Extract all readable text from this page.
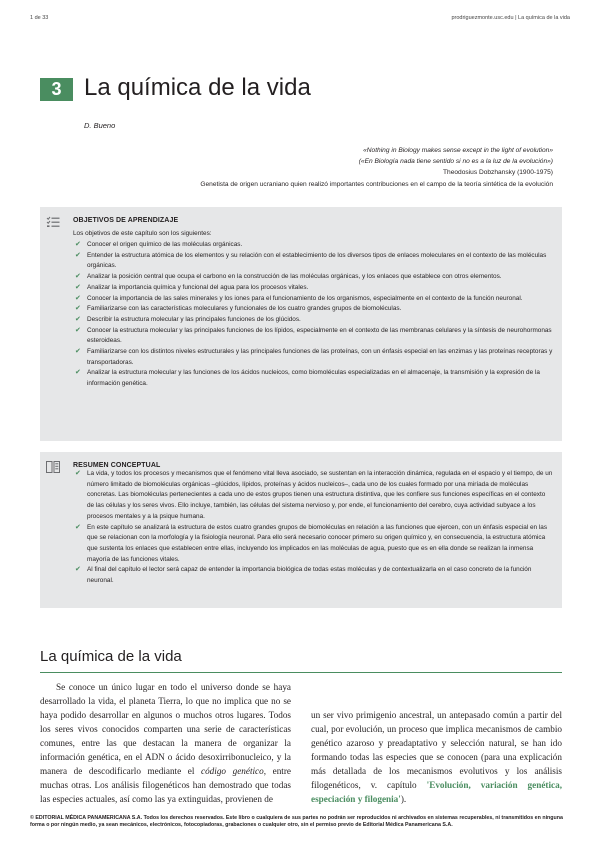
1 de 33	prodriguezmonte.usc.edu | La química de la vida
3 La química de la vida
D. Bueno
«Nothing in Biology makes sense except in the light of evolution»
(«En Biología nada tiene sentido si no es a la luz de la evolución»)
Theodosius Dobzhansky (1900-1975)
Genetista de origen ucraniano quien realizó importantes contribuciones en el campo de la teoría sintética de la evolución
OBJETIVOS DE APRENDIZAJE
Los objetivos de este capítulo son los siguientes:
✔ Conocer el origen químico de las moléculas orgánicas.
✔ Entender la estructura atómica de los elementos y su relación con el establecimiento de los diversos tipos de enlaces moleculares en el contexto de las moléculas orgánicas.
✔ Analizar la posición central que ocupa el carbono en la construcción de las moléculas orgánicas, y los enlaces que establece con otros elementos.
✔ Analizar la importancia química y funcional del agua para los procesos vitales.
✔ Conocer la importancia de las sales minerales y los iones para el funcionamiento de los organismos, especialmente en el contexto de la función neuronal.
✔ Familiarizarse con las características moleculares y funcionales de los cuatro grandes grupos de biomoléculas.
✔ Describir la estructura molecular y las principales funciones de los glúcidos.
✔ Conocer la estructura molecular y las principales funciones de los lípidos, especialmente en el contexto de las membranas celulares y la síntesis de neurohormonas esteroideas.
✔ Familiarizarse con los distintos niveles estructurales y las principales funciones de las proteínas, con un énfasis especial en las enzimas y las proteínas receptoras y transportadoras.
✔ Analizar la estructura molecular y las funciones de los ácidos nucleicos, como biomoléculas especializadas en el almacenaje, la transmisión y la expresión de la información genética.
RESUMEN CONCEPTUAL
✔ La vida, y todos los procesos y mecanismos que el fenómeno vital lleva asociado, se sustentan en la interacción dinámica, regulada en el espacio y el tiempo, de un número limitado de biomoléculas orgánicas –glúcidos, lípidos, proteínas y ácidos nucleicos–, cada uno de los cuales formado por una miríada de moléculas concretas. Las biomoléculas pertenecientes a cada uno de estos grupos tienen una estructura distintiva, que les confiere sus funciones específicas en el contexto de las células y los seres vivos. Ello incluye, también, las células del sistema nervioso y, por ende, el funcionamiento del cerebro, cuya actividad subyace a los procesos mentales y a la psique humana.
✔ En este capítulo se analizará la estructura de estos cuatro grandes grupos de biomoléculas en relación a las funciones que ejercen, con un énfasis especial en las que se relacionan con la morfología y la fisiología neuronal. Para ello será necesario conocer primero su origen químico y, en consecuencia, la estructura atómica que sustenta los enlaces que establecen entre ellas, incluyendo los implicados en las moléculas de agua, puesto que es en ella donde se realizan la inmensa mayoría de las funciones vitales.
✔ Al final del capítulo el lector será capaz de entender la importancia biológica de todas estas moléculas y de contextualizarla en el caso concreto de la función neuronal.
La química de la vida

Se conoce un único lugar en todo el universo donde se haya desarrollado la vida, el planeta Tierra, lo que no implica que no se haya podido desarrollar en algunos o muchos otros lugares. Todos los seres vivos conocidos comparten una serie de características comunes, entre las que destacan la manera de organizar la información genética, en el ADN o ácido desoxirribonucleico, y la manera de descodificarlo mediante el código genético, entre muchas otras. Los análisis filogenéticos han demostrado que todas las especies actuales, así como las ya extinguidas, provienen de

un ser vivo primigenio ancestral, un antepasado común a partir del cual, por evolución, un proceso que implica mecanismos de cambio genético azaroso y preadaptativo y selección natural, se han ido formando todas las especies que se conocen (para una explicación más detallada de los mecanismos evolutivos y los análisis filogenéticos, v. capítulo 'Evolución, variación genética, especiación y filogenia').

© EDITORIAL MÉDICA PANAMERICANA S.A. Todos los derechos reservados. Este libro o cualquiera de sus partes no podrán ser reproducidos ni archivados en sistemas recuperables, ni transmitidos en ninguna forma o por ningún medio, ya sean mecánicos, electrónicos, fotocopiadoras, grabaciones o cualquier otro, sin el permiso previo de Editorial Médica Panamericana S.A.
